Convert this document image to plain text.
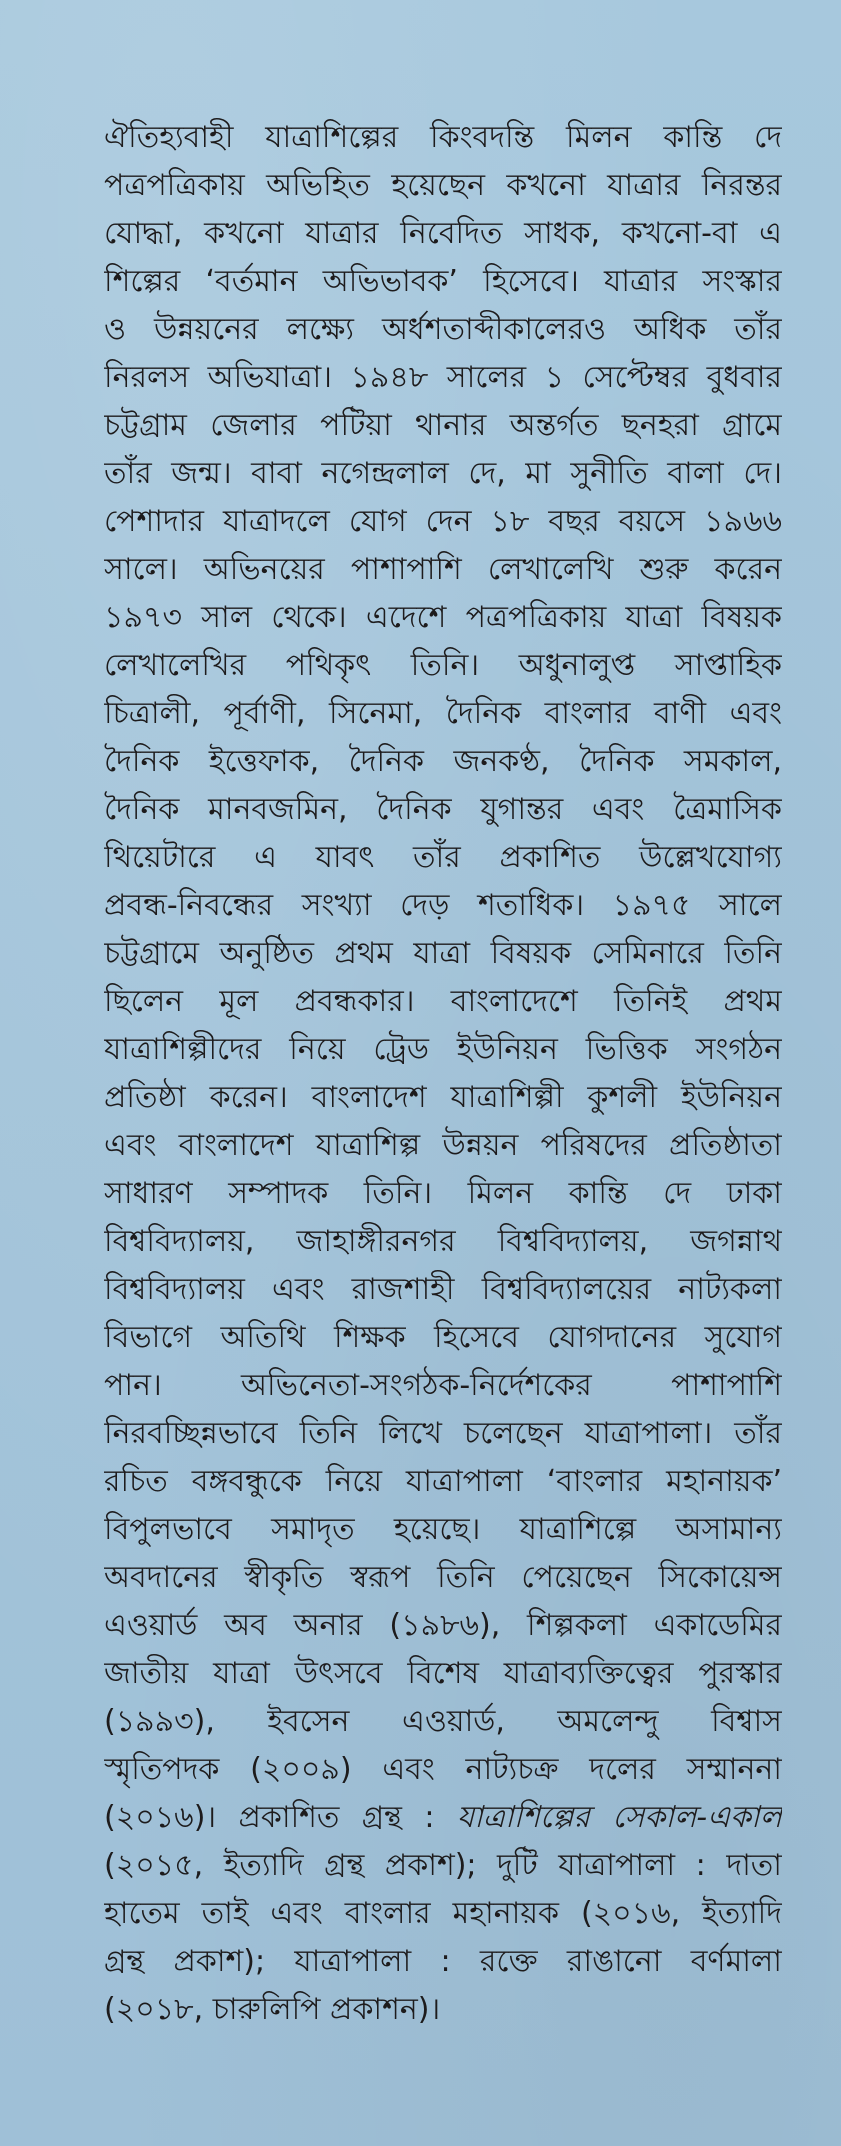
ঐতিহ্যবাহী যাত্রাশিল্পের কিংবদন্তি মিলন কান্তি দে
পত্রপত্রিকায় অভিহিত হয়েছেন কখনো যাত্রার নিরন্তর
যোদ্ধা, কখনো যাত্রার নিবেদিত সাধক, কখনো-বা এ
শিল্পের ‘বর্তমান অভিভাবক’ হিসেবে। যাত্রার সংস্কার
ও উন্নয়নের লক্ষ্যে অর্ধশতাব্দীকালেরও অধিক তাঁর
নিরলস অভিযাত্রা। ১৯৪৮ সালের ১ সেপ্টেম্বর বুধবার
চট্টগ্রাম জেলার পটিয়া থানার অন্তর্গত ছনহরা গ্রামে
তাঁর জন্ম। বাবা নগেন্দ্রলাল দে, মা সুনীতি বালা দে।
পেশাদার যাত্রাদলে যোগ দেন ১৮ বছর বয়সে ১৯৬৬
সালে। অভিনয়ের পাশাপাশি লেখালেখি শুরু করেন
১৯৭৩ সাল থেকে। এদেশে পত্রপত্রিকায় যাত্রা বিষয়ক
লেখালেখির পথিকৃৎ তিনি। অধুনালুপ্ত সাপ্তাহিক
চিত্রালী, পূর্বাণী, সিনেমা, দৈনিক বাংলার বাণী এবং
দৈনিক ইত্তেফাক, দৈনিক জনকণ্ঠ, দৈনিক সমকাল,
দৈনিক মানবজমিন, দৈনিক যুগান্তর এবং ত্রৈমাসিক
থিয়েটারে এ যাবৎ তাঁর প্রকাশিত উল্লেখযোগ্য
প্রবন্ধ-নিবন্ধের সংখ্যা দেড় শতাধিক। ১৯৭৫ সালে
চট্টগ্রামে অনুষ্ঠিত প্রথম যাত্রা বিষয়ক সেমিনারে তিনি
ছিলেন মূল প্রবন্ধকার। বাংলাদেশে তিনিই প্রথম
যাত্রাশিল্পীদের নিয়ে ট্রেড ইউনিয়ন ভিত্তিক সংগঠন
প্রতিষ্ঠা করেন। বাংলাদেশ যাত্রাশিল্পী কুশলী ইউনিয়ন
এবং বাংলাদেশ যাত্রাশিল্প উন্নয়ন পরিষদের প্রতিষ্ঠাতা
সাধারণ সম্পাদক তিনি। মিলন কান্তি দে ঢাকা
বিশ্ববিদ্যালয়, জাহাঙ্গীরনগর বিশ্ববিদ্যালয়, জগন্নাথ
বিশ্ববিদ্যালয় এবং রাজশাহী বিশ্ববিদ্যালয়ের নাট্যকলা
বিভাগে অতিথি শিক্ষক হিসেবে যোগদানের সুযোগ
পান। অভিনেতা-সংগঠক-নির্দেশকের পাশাপাশি
নিরবচ্ছিন্নভাবে তিনি লিখে চলেছেন যাত্রাপালা। তাঁর
রচিত বঙ্গবন্ধুকে নিয়ে যাত্রাপালা ‘বাংলার মহানায়ক’
বিপুলভাবে সমাদৃত হয়েছে। যাত্রাশিল্পে অসামান্য
অবদানের স্বীকৃতি স্বরূপ তিনি পেয়েছেন সিকোয়েন্স
এওয়ার্ড অব অনার (১৯৮৬), শিল্পকলা একাডেমির
জাতীয় যাত্রা উৎসবে বিশেষ যাত্রাব্যক্তিত্বের পুরস্কার
(১৯৯৩), ইবসেন এওয়ার্ড, অমলেন্দু বিশ্বাস
স্মৃতিপদক (২০০৯) এবং নাট্যচক্র দলের সম্মাননা
(২০১৬)। প্রকাশিত গ্রন্থ : যাত্রাশিল্পের সেকাল-একাল
(২০১৫, ইত্যাদি গ্রন্থ প্রকাশ); দুটি যাত্রাপালা : দাতা
হাতেম তাই এবং বাংলার মহানায়ক (২০১৬, ইত্যাদি
গ্রন্থ প্রকাশ); যাত্রাপালা : রক্তে রাঙানো বর্ণমালা
(২০১৮, চারুলিপি প্রকাশন)।
